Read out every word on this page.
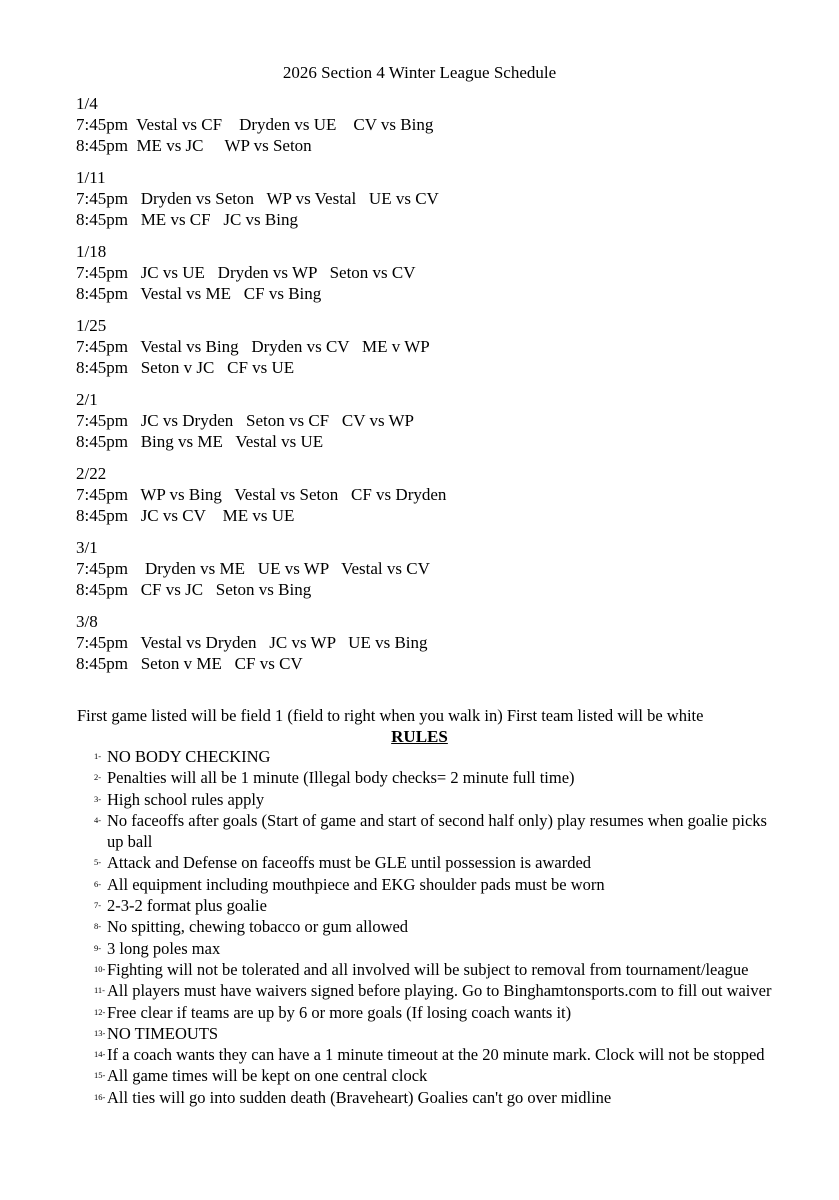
2026 Section 4 Winter League Schedule
1/4
7:45pm  Vestal vs CF    Dryden vs UE    CV vs Bing
8:45pm  ME vs JC     WP vs Seton
1/11
7:45pm   Dryden vs Seton   WP vs Vestal   UE vs CV
8:45pm   ME vs CF   JC vs Bing
1/18
7:45pm   JC vs UE   Dryden vs WP   Seton vs CV
8:45pm   Vestal vs ME   CF vs Bing
1/25
7:45pm   Vestal vs Bing   Dryden vs CV   ME v WP
8:45pm   Seton v JC   CF vs UE
2/1
7:45pm   JC vs Dryden   Seton vs CF   CV vs WP
8:45pm   Bing vs ME   Vestal vs UE
2/22
7:45pm   WP vs Bing   Vestal vs Seton   CF vs Dryden
8:45pm   JC vs CV    ME vs UE
3/1
7:45pm    Dryden vs ME   UE vs WP   Vestal vs CV
8:45pm   CF vs JC   Seton vs Bing
3/8
7:45pm   Vestal vs Dryden   JC vs WP   UE vs Bing
8:45pm   Seton v ME   CF vs CV
First game listed will be field 1 (field to right when you walk in) First team listed will be white
RULES
1- NO BODY CHECKING
2- Penalties will all be 1 minute (Illegal body checks= 2 minute full time)
3- High school rules apply
4- No faceoffs after goals (Start of game and start of second half only) play resumes when goalie picks up ball
5- Attack and Defense on faceoffs must be GLE until possession is awarded
6- All equipment including mouthpiece and EKG shoulder pads must be worn
7- 2-3-2 format plus goalie
8- No spitting, chewing tobacco or gum allowed
9- 3 long poles max
10- Fighting will not be tolerated and all involved will be subject to removal from tournament/league
11- All players must have waivers signed before playing. Go to Binghamtonsports.com to fill out waiver
12- Free clear if teams are up by 6 or more goals (If losing coach wants it)
13- NO TIMEOUTS
14- If a coach wants they can have a 1 minute timeout at the 20 minute mark. Clock will not be stopped
15- All game times will be kept on one central clock
16- All ties will go into sudden death (Braveheart) Goalies can't go over midline
